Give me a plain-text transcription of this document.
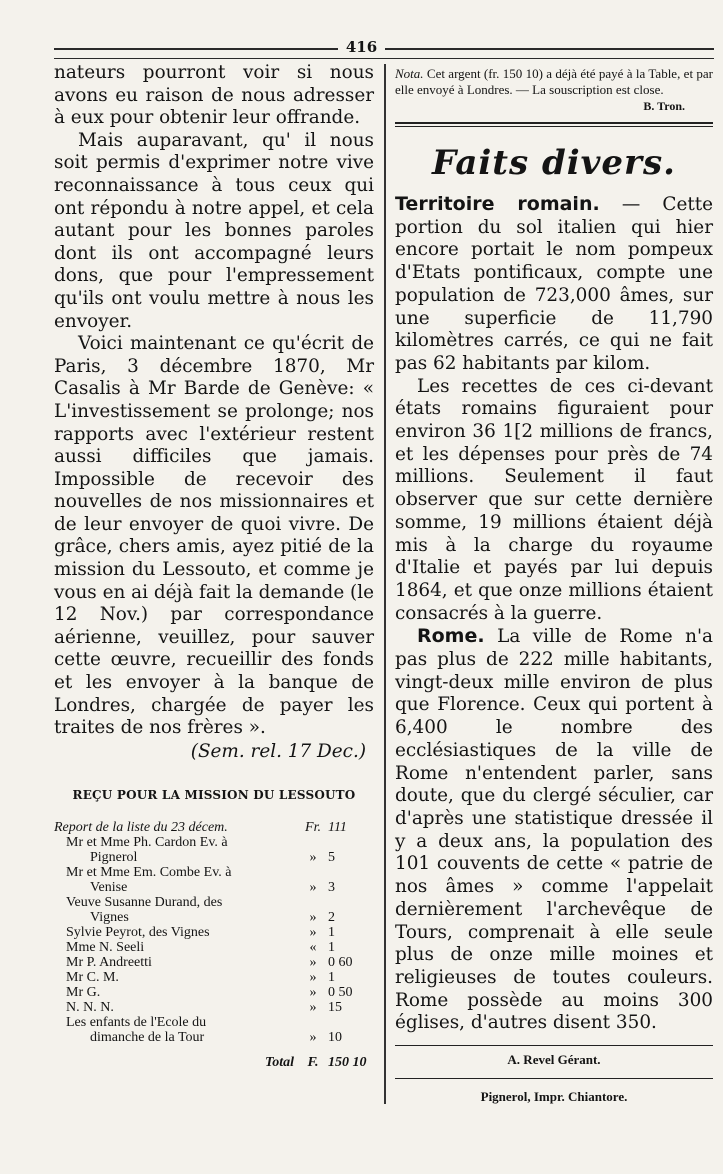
416

nateurs pourront voir si nous avons eu raison de nous adresser à eux pour obtenir leur offrande.

Mais auparavant, qu' il nous soit permis d'exprimer notre vive reconnaissance à tous ceux qui ont répondu à notre appel, et cela autant pour les bonnes paroles dont ils ont accompagné leurs dons, que pour l'empressement qu'ils ont voulu mettre à nous les envoyer.

Voici maintenant ce qu'écrit de Paris, 3 décembre 1870, Mr Casalis à Mr Barde de Genève: « L'investissement se prolonge; nos rapports avec l'extérieur restent aussi difficiles que jamais. Impossible de recevoir des nouvelles de nos missionnaires et de leur envoyer de quoi vivre. De grâce, chers amis, ayez pitié de la mission du Lessouto, et comme je vous en ai déjà fait la demande (le 12 Nov.) par correspondance aérienne, veuillez, pour sauver cette œuvre, recueillir des fonds et les envoyer à la banque de Londres, chargée de payer les traites de nos frères ».

(Sem. rel. 17 Dec.)
REÇU POUR LA MISSION DU LESSOUTO
Report de la liste du 23 décem.	Fr.	111
Mr et Mme Ph. Cardon Ev. à		
Pignerol	»	5
Mr et Mme Em. Combe Ev. à		
Venise	»	3
Veuve Susanne Durand, des		
Vignes	»	2
Sylvie Peyrot, des Vignes	»	1
Mme N. Seeli	«	1
Mr P. Andreetti	»	0 60
Mr C. M.	»	1
Mr G.	»	0 50
N. N. N.	»	15
Les enfants de l'Ecole du		
dimanche de la Tour	»	10
Total	F.	150 10
Nota. Cet argent (fr. 150 10) a déjà été payé à la Table, et par elle envoyé à Londres. — La souscription est close.
B. Tron.
Faits divers.

Territoire romain. — Cette portion du sol italien qui hier encore portait le nom pompeux d'Etats pontificaux, compte une population de 723,000 âmes, sur une superficie de 11,790 kilomètres carrés, ce qui ne fait pas 62 habitants par kilom.

Les recettes de ces ci-devant états romains figuraient pour environ 36 1[2 millions de francs, et les dépenses pour près de 74 millions. Seulement il faut observer que sur cette dernière somme, 19 millions étaient déjà mis à la charge du royaume d'Italie et payés par lui depuis 1864, et que onze millions étaient consacrés à la guerre.

Rome. La ville de Rome n'a pas plus de 222 mille habitants, vingt-deux mille environ de plus que Florence. Ceux qui portent à 6,400 le nombre des ecclésiastiques de la ville de Rome n'entendent parler, sans doute, que du clergé séculier, car d'après une statistique dressée il y a deux ans, la population des 101 couvents de cette « patrie de nos âmes » comme l'appelait dernièrement l'archevêque de Tours, comprenait à elle seule plus de onze mille moines et religieuses de toutes couleurs. Rome possède au moins 300 églises, d'autres disent 350.

A. Revel Gérant.
Pignerol, Impr. Chiantore.
